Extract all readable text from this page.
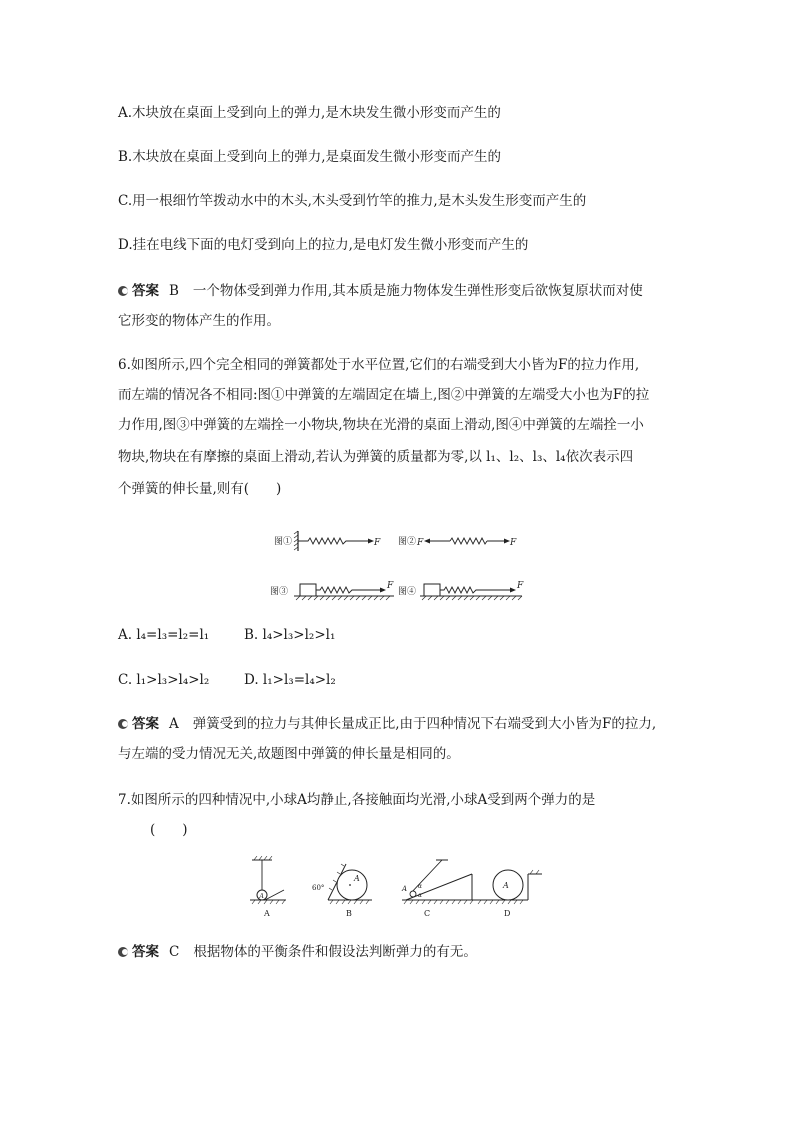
A.木块放在桌面上受到向上的弹力,是木块发生微小形变而产生的
B.木块放在桌面上受到向上的弹力,是桌面发生微小形变而产生的
C.用一根细竹竿拨动水中的木头,木头受到竹竿的推力,是木头发生形变而产生的
D.挂在电线下面的电灯受到向上的拉力,是电灯发生微小形变而产生的
答案 B 一个物体受到弹力作用,其本质是施力物体发生弹性形变后欲恢复原状而对使
它形变的物体产生的作用。
6.如图所示,四个完全相同的弹簧都处于水平位置,它们的右端受到大小皆为F的拉力作用,
而左端的情况各不相同:图①中弹簧的左端固定在墙上,图②中弹簧的左端受大小也为F的拉
力作用,图③中弹簧的左端拴一小物块,物块在光滑的桌面上滑动,图④中弹簧的左端拴一小
物块,物块在有摩擦的桌面上滑动,若认为弹簧的质量都为零,以 l₁、l₂、l₃、l₄依次表示四
个弹簧的伸长量,则有(　　)
图①	F 图② F	F
图③
F
图④
F
A. l₄=l₃=l₂=l₁	B. l₄>l₃>l₂>l₁
C. l₁>l₃>l₄>l₂	D. l₁>l₃=l₄>l₂
答案 A 弹簧受到的拉力与其伸长量成正比,由于四种情况下右端受到大小皆为F的拉力,
与左端的受力情况无关,故题图中弹簧的伸长量是相同的。
7.如图所示的四种情况中,小球A均静止,各接触面均光滑,小球A受到两个弹力的是
(　　)
A
A
A
60°
B
A α
α
C
A
D
答案 C 根据物体的平衡条件和假设法判断弹力的有无。
